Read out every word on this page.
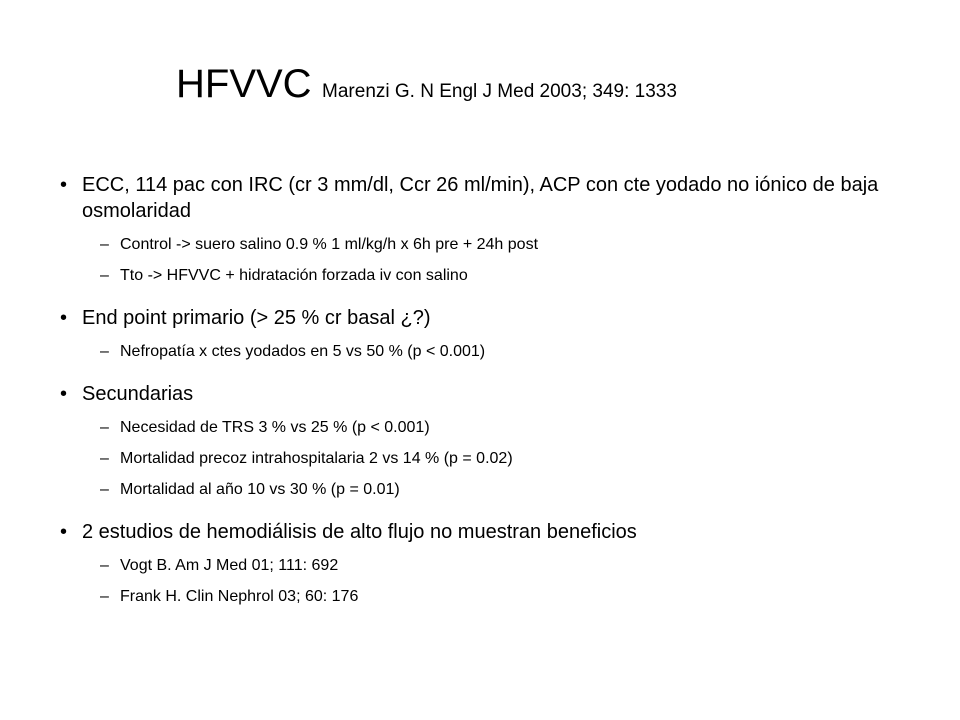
HFVVC Marenzi G. N Engl J Med 2003; 349: 1333
• ECC, 114 pac con IRC (cr 3 mm/dl, Ccr 26 ml/min), ACP con cte yodado no iónico de baja osmolaridad
– Control -> suero salino 0.9 % 1 ml/kg/h x 6h pre + 24h post
– Tto -> HFVVC + hidratación forzada iv con salino
• End point primario (> 25 % cr basal ¿?)
– Nefropatía x ctes yodados en 5 vs 50 % (p < 0.001)
• Secundarias
– Necesidad de TRS 3 % vs 25 % (p < 0.001)
– Mortalidad precoz intrahospitalaria 2 vs 14 % (p = 0.02)
– Mortalidad al año 10 vs 30 % (p = 0.01)
• 2 estudios de hemodiálisis de alto flujo no muestran beneficios
– Vogt B. Am J Med 01; 111: 692
– Frank H. Clin Nephrol 03; 60: 176
